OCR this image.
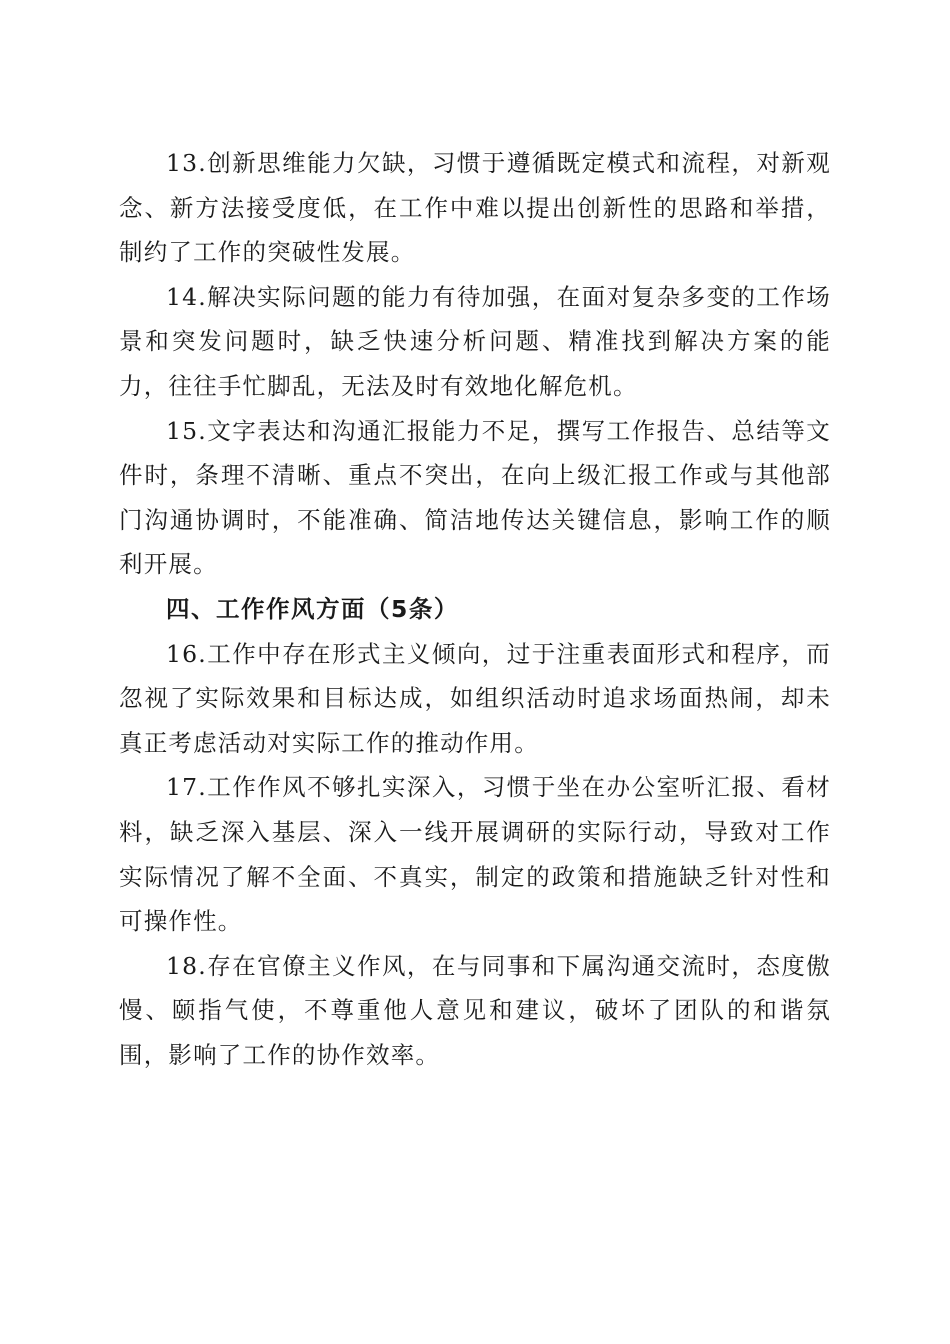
13.创新思维能力欠缺，习惯于遵循既定模式和流程，对新观念、新方法接受度低，在工作中难以提出创新性的思路和举措，制约了工作的突破性发展。

14.解决实际问题的能力有待加强，在面对复杂多变的工作场景和突发问题时，缺乏快速分析问题、精准找到解决方案的能力，往往手忙脚乱，无法及时有效地化解危机。

15.文字表达和沟通汇报能力不足，撰写工作报告、总结等文件时，条理不清晰、重点不突出，在向上级汇报工作或与其他部门沟通协调时，不能准确、简洁地传达关键信息，影响工作的顺利开展。

四、工作作风方面（5条）

16.工作中存在形式主义倾向，过于注重表面形式和程序，而忽视了实际效果和目标达成，如组织活动时追求场面热闹，却未真正考虑活动对实际工作的推动作用。

17.工作作风不够扎实深入，习惯于坐在办公室听汇报、看材料，缺乏深入基层、深入一线开展调研的实际行动，导致对工作实际情况了解不全面、不真实，制定的政策和措施缺乏针对性和可操作性。

18.存在官僚主义作风，在与同事和下属沟通交流时，态度傲慢、颐指气使，不尊重他人意见和建议，破坏了团队的和谐氛围，影响了工作的协作效率。
